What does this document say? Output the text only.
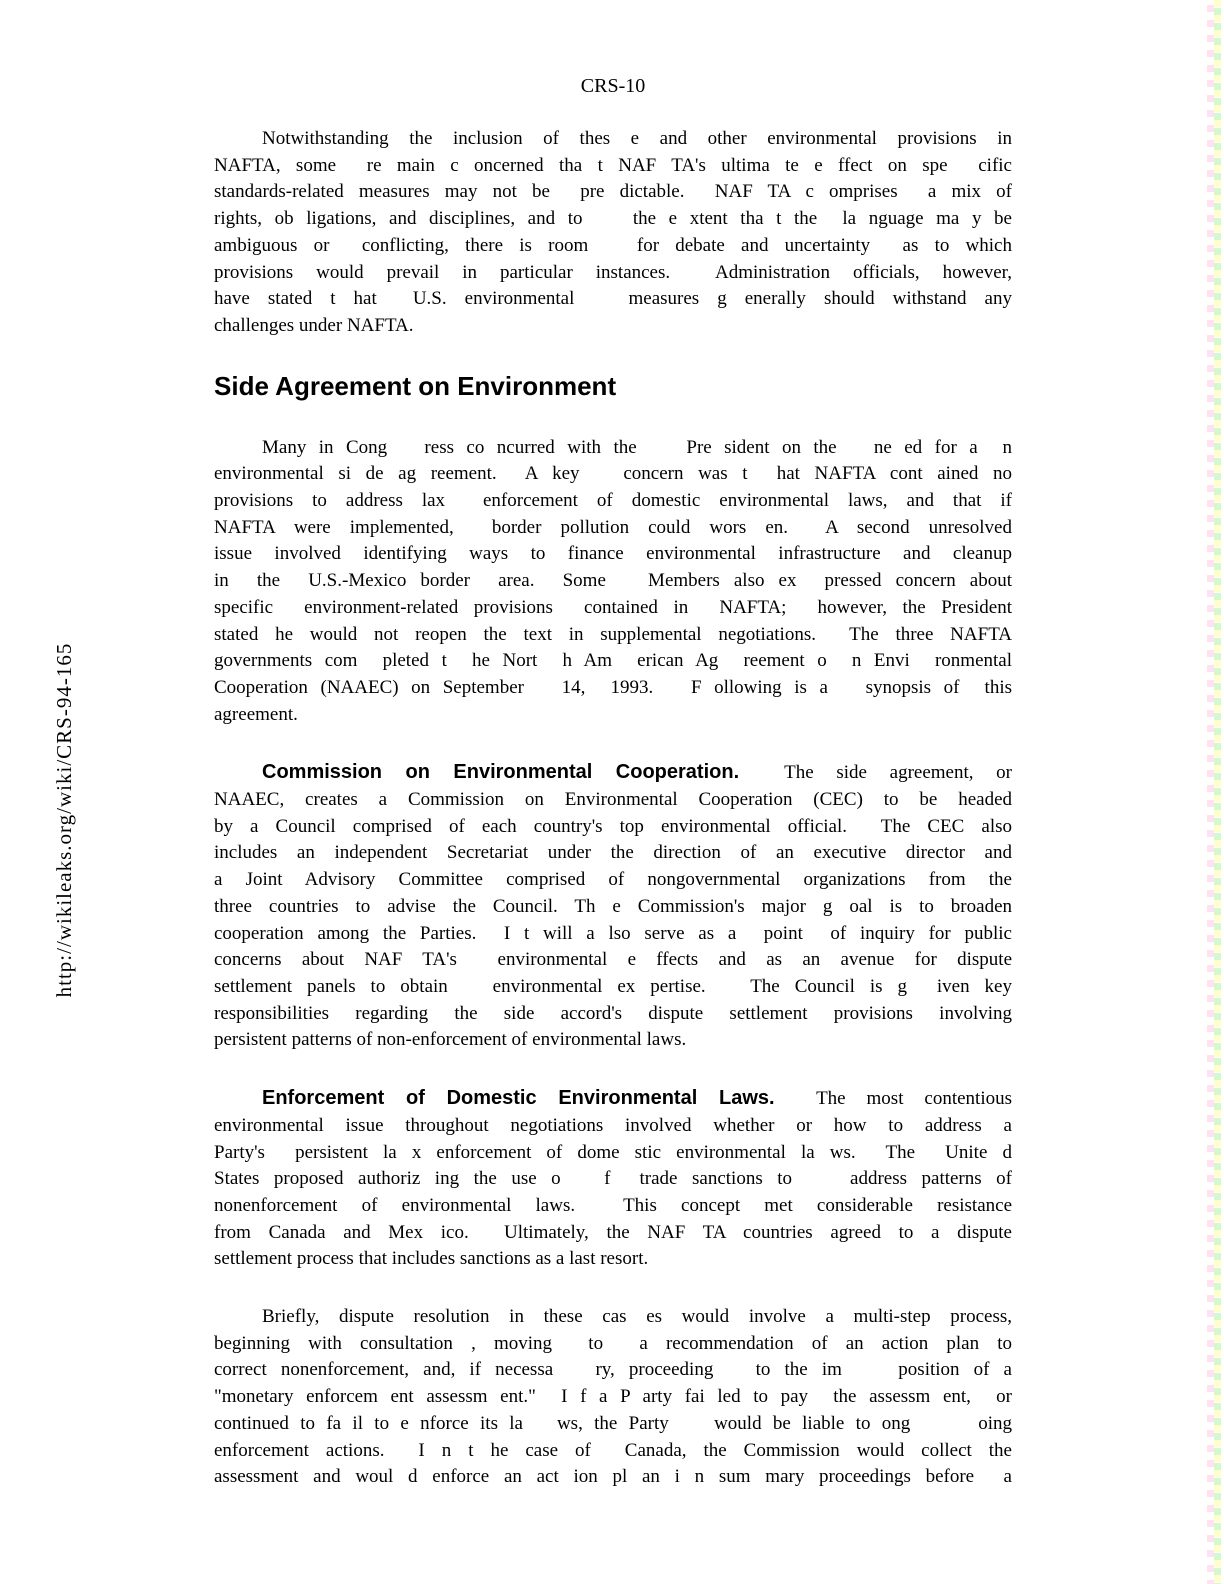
http://wikileaks.org/wiki/CRS-94-165
CRS-10
Notwithstanding the inclusion of thes e and other environmental provisions in
NAFTA, some  re main c oncerned tha t NAF TA's ultima te e ffect on spe  cific
standards-related measures may not be  pre dictable.  NAF TA c omprises  a mix of
rights, ob ligations, and disciplines, and to    the e xtent tha t the  la nguage ma y be
ambiguous or  conflicting, there is room   for debate and uncertainty  as to which
provisions would prevail in particular instances.  Administration officials, however,
have stated t hat  U.S. environmental   measures g enerally should withstand any
challenges under NAFTA.
Side Agreement on Environment
Many in Cong   ress co ncurred with the    Pre sident on the   ne ed for a  n
environmental si de ag reement.  A key   concern was t  hat NAFTA cont ained no
provisions to address lax  enforcement of domestic environmental laws, and that if
NAFTA were implemented,  border pollution could wors en.  A second unresolved
issue involved identifying ways to finance environmental infrastructure and cleanup
in  the  U.S.-Mexico border  area.  Some   Members also ex  pressed concern about
specific  environment-related provisions  contained in  NAFTA;  however, the President
stated he would not reopen the text in supplemental negotiations.  The three NAFTA
governments com  pleted t  he Nort  h Am  erican Ag  reement o  n Envi  ronmental
Cooperation (NAAEC) on September   14,  1993.   F ollowing is a   synopsis of  this
agreement.
Commission on Environmental Cooperation.  The side agreement, or
NAAEC, creates a Commission on Environmental Cooperation (CEC) to be headed
by a Council comprised of each country's top environmental official.  The CEC also
includes an independent Secretariat under the direction of an executive director and
a Joint Advisory Committee comprised of nongovernmental organizations from the
three countries to advise the Council. Th e Commission's major g oal is to broaden
cooperation among the Parties.  I t will a lso serve as a  point  of inquiry for public
concerns about NAF TA's  environmental e ffects and as an avenue for dispute
settlement panels to obtain   environmental ex pertise.   The Council is g  iven key
responsibilities regarding the side accord's dispute settlement provisions involving
persistent patterns of non-enforcement of environmental laws.
Enforcement of Domestic Environmental Laws.  The most contentious
environmental issue throughout negotiations involved whether or how to address a
Party's  persistent la x enforcement of dome stic environmental la ws.  The  Unite d
States proposed authoriz ing the use o   f  trade sanctions to    address patterns of
nonenforcement of environmental laws.  This concept met considerable resistance
from Canada and Mex ico.  Ultimately, the NAF TA countries agreed to a dispute
settlement process that includes sanctions as a last resort.
Briefly, dispute resolution in these cas es would involve a multi-step process,
beginning with consultation , moving  to  a recommendation of an action plan to
correct nonenforcement, and, if necessa   ry, proceeding   to the im    position of a
"monetary enforcem ent assessm ent."  I f a P arty fai led to pay  the assessm ent,  or
continued to fa il to e nforce its la   ws, the Party    would be liable to ong      oing
enforcement actions.  I n t he case of  Canada, the Commission would collect the
assessment and woul d enforce an act ion pl an i n sum mary proceedings before  a
